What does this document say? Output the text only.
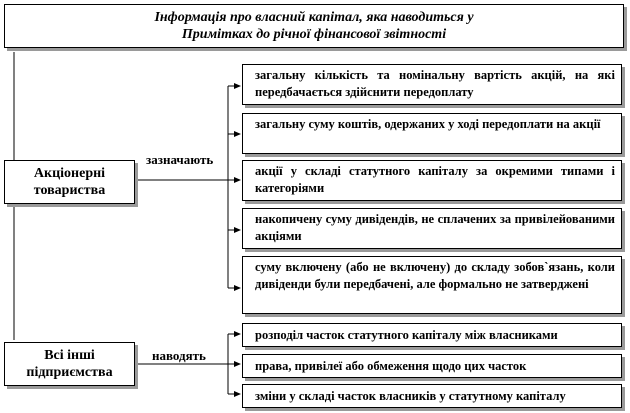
Інформація про власний капітал, яка наводиться у
Примітках до річної фінансової звітності
Акціонерні
товариства
зазначають
загальну кількість та номінальну вартість акцій, на які передбачається здійснити передоплату
загальну суму коштів, одержаних у ході передоплати на акції
акції у складі статутного капіталу за окремими типами і категоріями
накопичену суму дивідендів, не сплачених за привілейованими акціями
суму включену (або не включену) до складу зобов`язань, коли дивіденди були передбачені, але формально не затверджені
Всі інші
підприємства
наводять
розподіл часток статутного капіталу між власниками
права, привілеї або обмеження щодо цих часток
зміни у складі часток власників у статутному капіталу
